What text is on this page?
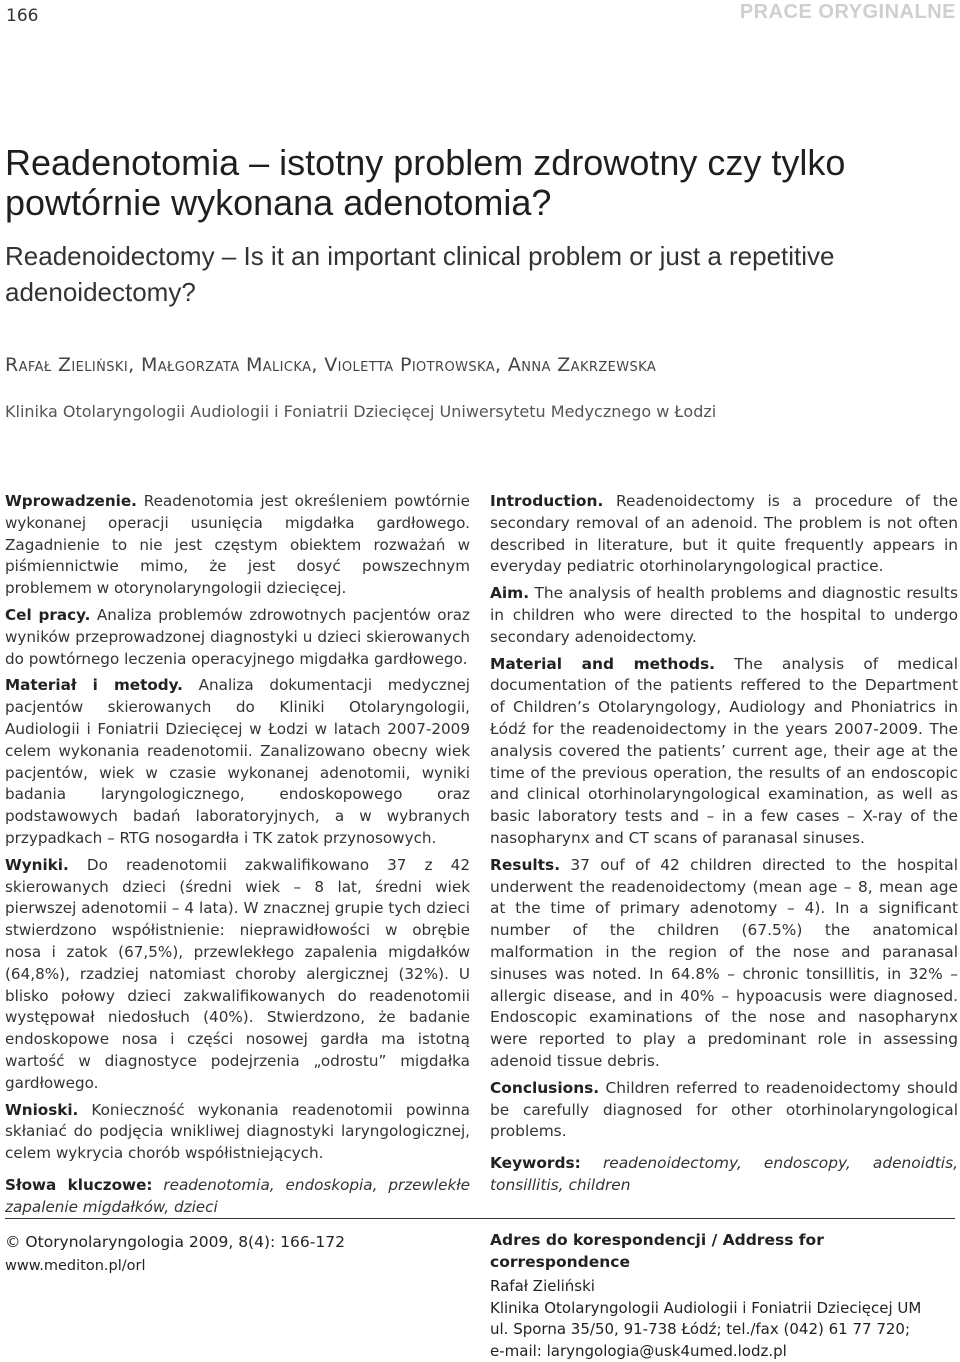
166	PRACE ORYGINALNE
Readenotomia – istotny problem zdrowotny czy tylko powtórnie wykonana adenotomia?
Readenoidectomy – Is it an important clinical problem or just a repetitive adenoidectomy?
Rafał Zieliński, Małgorzata Malicka, Violetta Piotrowska, Anna Zakrzewska
Klinika Otolaryngologii Audiologii i Foniatrii Dziecięcej Uniwersytetu Medycznego w Łodzi

Wprowadzenie. Readenotomia jest określeniem powtórnie wykonanej operacji usunięcia migdałka gardłowego. Zagadnienie to nie jest częstym obiektem rozważań w piśmiennictwie mimo, że jest dosyć powszechnym problemem w otorynolaryngologii dziecięcej.

Cel pracy. Analiza problemów zdrowotnych pacjentów oraz wyników przeprowadzonej diagnostyki u dzieci skierowanych do powtórnego leczenia operacyjnego migdałka gardłowego.

Materiał i metody. Analiza dokumentacji medycznej pacjentów skierowanych do Kliniki Otolaryngologii, Audiologii i Foniatrii Dziecięcej w Łodzi w latach 2007-2009 celem wykonania readenotomii. Zanalizowano obecny wiek pacjentów, wiek w czasie wykonanej adenotomii, wyniki badania laryngologicznego, endoskopowego oraz podstawowych badań laboratoryjnych, a w wybranych przypadkach – RTG nosogardła i TK zatok przynosowych.

Wyniki. Do readenotomii zakwalifikowano 37 z 42 skierowanych dzieci (średni wiek – 8 lat, średni wiek pierwszej adenotomii – 4 lata). W znacznej grupie tych dzieci stwierdzono współistnienie: nieprawidłowości w obrębie nosa i zatok (67,5%), przewlekłego zapalenia migdałków (64,8%), rzadziej natomiast choroby alergicznej (32%). U blisko połowy dzieci zakwalifikowanych do readenotomii występował niedosłuch (40%). Stwierdzono, że badanie endoskopowe nosa i części nosowej gardła ma istotną wartość w diagnostyce podejrzenia „odrostu” migdałka gardłowego.

Wnioski. Konieczność wykonania readenotomii powinna skłaniać do podjęcia wnikliwej diagnostyki laryngologicznej, celem wykrycia chorób współistniejących.

Słowa kluczowe: readenotomia, endoskopia, przewlekłe zapalenie migdałków, dzieci

Introduction. Readenoidectomy is a procedure of the secondary removal of an adenoid. The problem is not often described in literature, but it quite frequently appears in everyday pediatric otorhinolaryngological practice.

Aim. The analysis of health problems and diagnostic results in children who were directed to the hospital to undergo secondary adenoidectomy.

Material and methods. The analysis of medical documentation of the patients reffered to the Department of Children’s Otolaryngology, Audiology and Phoniatrics in Łódź for the readenoidectomy in the years 2007-2009. The analysis covered the patients’ current age, their age at the time of the previous operation, the results of an endoscopic and clinical otorhinolaryngological examination, as well as basic laboratory tests and – in a few cases – X-ray of the nasopharynx and CT scans of paranasal sinuses.

Results. 37 ouf of 42 children directed to the hospital underwent the readenoidectomy (mean age – 8, mean age at the time of primary adenotomy – 4). In a significant number of the children (67.5%) the anatomical malformation in the region of the nose and paranasal sinuses was noted. In 64.8% – chronic tonsillitis, in 32% – allergic disease, and in 40% – hypoacusis were diagnosed. Endoscopic examinations of the nose and nasopharynx were reported to play a predominant role in assessing adenoid tissue debris.

Conclusions. Children referred to readenoidectomy should be carefully diagnosed for other otorhinolaryngological problems.

Keywords: readenoidectomy, endoscopy, adenoidtis, tonsillitis, children

© Otorynolaryngologia 2009, 8(4): 166-172
www.mediton.pl/orl
Adres do korespondencji / Address for correspondence
Rafał Zieliński
Klinika Otolaryngologii Audiologii i Foniatrii Dziecięcej UM
ul. Sporna 35/50, 91-738 Łódź; tel./fax (042) 61 77 720;
e-mail: laryngologia@usk4umed.lodz.pl
